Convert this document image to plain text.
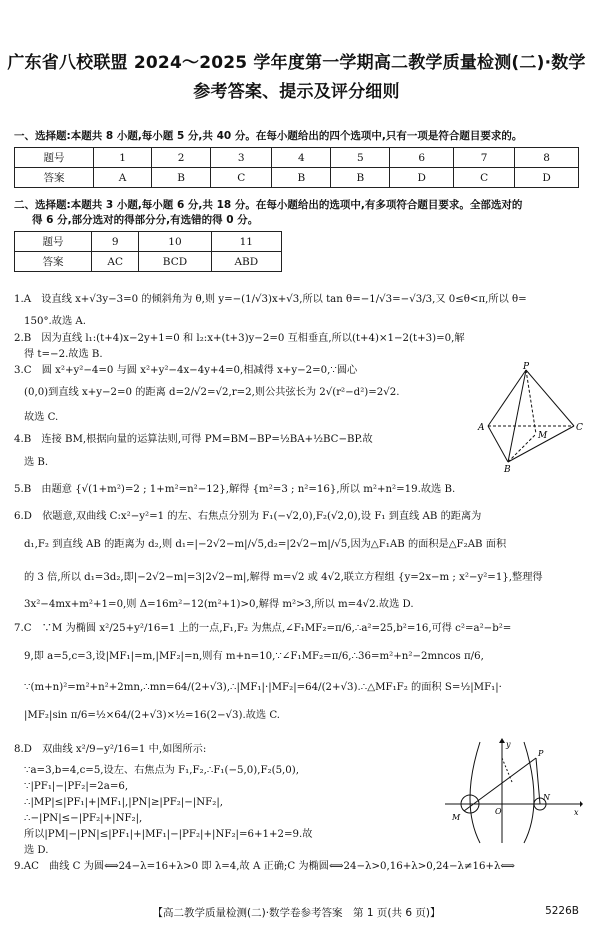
广东省八校联盟 2024～2025 学年度第一学期高二教学质量检测(二)·数学
参考答案、提示及评分细则
一、选择题:本题共 8 小题,每小题 5 分,共 40 分。在每小题给出的四个选项中,只有一项是符合题目要求的。
题号	1	2	3	4	5	6	7	8
答案	A	B	C	B	B	D	C	D
二、选择题:本题共 3 小题,每小题 6 分,共 18 分。在每小题给出的选项中,有多项符合题目要求。全部选对的
得 6 分,部分选对的得部分分,有选错的得 0 分。
题号	9	10	11
答案	AC	BCD	ABD
1.A　设直线 x+√3y−3=0 的倾斜角为 θ,则 y=−(1/√3)x+√3,所以 tan θ=−1/√3=−√3/3,又 0≤θ<π,所以 θ=
150°.故选 A.
2.B　因为直线 l₁:(t+4)x−2y+1=0 和 l₂:x+(t+3)y−2=0 互相垂直,所以(t+4)×1−2(t+3)=0,解
得 t=−2.故选 B.
3.C　圆 x²+y²−4=0 与圆 x²+y²−4x−4y+4=0,相减得 x+y−2=0,∵圆心
(0,0)到直线 x+y−2=0 的距离 d=2/√2=√2,r=2,则公共弦长为 2√(r²−d²)=2√2.
故选 C.
4.B　连接 BM,根据向量的运算法则,可得 PM=BM−BP=½BA+½BC−BP.故
选 B.
5.B　由题意 {√(1+m²)=2 ; 1+m²=n²−12},解得 {m²=3 ; n²=16},所以 m²+n²=19.故选 B.
6.D　依题意,双曲线 C:x²−y²=1 的左、右焦点分别为 F₁(−√2,0),F₂(√2,0),设 F₁ 到直线 AB 的距离为
d₁,F₂ 到直线 AB 的距离为 d₂,则 d₁=|−2√2−m|/√5,d₂=|2√2−m|/√5,因为△F₁AB 的面积是△F₂AB 面积
的 3 倍,所以 d₁=3d₂,即|−2√2−m|=3|2√2−m|,解得 m=√2 或 4√2,联立方程组 {y=2x−m ; x²−y²=1},整理得
3x²−4mx+m²+1=0,则 Δ=16m²−12(m²+1)>0,解得 m²>3,所以 m=4√2.故选 D.
7.C　∵M 为椭圆 x²/25+y²/16=1 上的一点,F₁,F₂ 为焦点,∠F₁MF₂=π/6,∴a²=25,b²=16,可得 c²=a²−b²=
9,即 a=5,c=3,设|MF₁|=m,|MF₂|=n,则有 m+n=10,∵∠F₁MF₂=π/6,∴36=m²+n²−2mncos π/6,
∵(m+n)²=m²+n²+2mn,∴mn=64/(2+√3),∴|MF₁|·|MF₂|=64/(2+√3).∴△MF₁F₂ 的面积 S=½|MF₁|·
|MF₂|sin π/6=½×64/(2+√3)×½=16(2−√3).故选 C.
8.D　双曲线 x²/9−y²/16=1 中,如图所示:
∵a=3,b=4,c=5,设左、右焦点为 F₁,F₂,∴F₁(−5,0),F₂(5,0),
∵|PF₁|−|PF₂|=2a=6,
∴|MP|≤|PF₁|+|MF₁|,|PN|≥|PF₂|−|NF₂|,
∴−|PN|≤−|PF₂|+|NF₂|,
所以|PM|−|PN|≤|PF₁|+|MF₁|−|PF₂|+|NF₂|=6+1+2=9.故
选 D.
9.AC　曲线 C 为圆⟺24−λ=16+λ>0 即 λ=4,故 A 正确;C 为椭圆⟺24−λ>0,16+λ>0,24−λ≠16+λ⟺
P
A
B
C
M
y
x
O
P
M
N
【高二教学质量检测(二)·数学卷参考答案　第 1 页(共 6 页)】	5226B
